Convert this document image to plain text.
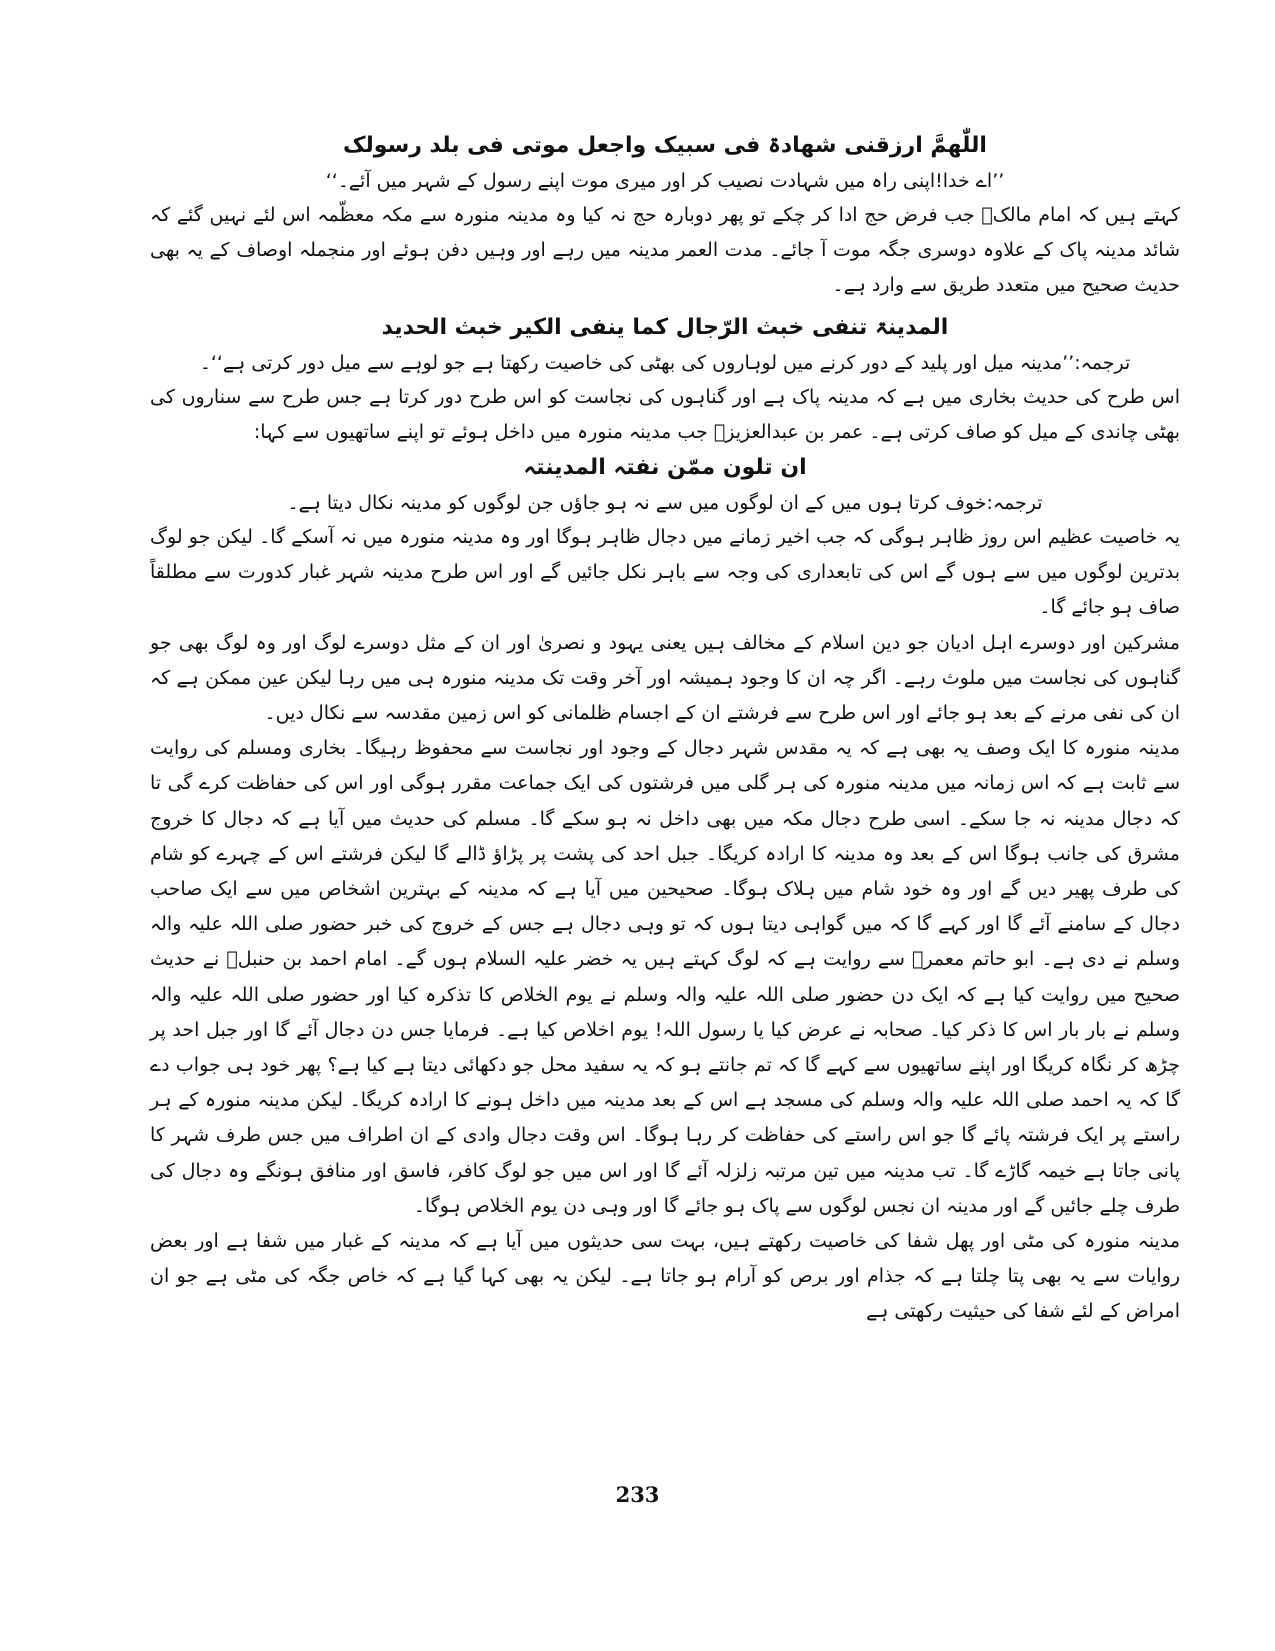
اللّٰھمَّ ارزقنی شھادۃ فی سبیک واجعل موتی فی بلد رسولک

’’اے خدا!اپنی راہ میں شہادت نصیب کر اور میری موت اپنے رسول کے شہر میں آئے۔‘‘

کہتے ہیں کہ امام مالکؒ جب فرض حج ادا کر چکے تو پھر دوبارہ حج نہ کیا وہ مدینہ منورہ سے مکہ معظّمہ اس لئے نہیں گئے کہ شائد مدینہ پاک کے علاوہ دوسری جگہ موت آ جائے۔ مدت العمر مدینہ میں رہے اور وہیں دفن ہوئے اور منجملہ اوصاف کے یہ بھی حدیث صحیح میں متعدد طریق سے وارد ہے۔

المدینۃ تنفی خبث الرّجال کما ینفی الکیر خبث الحدید

ترجمہ:’’مدینہ میل اور پلید کے دور کرنے میں لوہاروں کی بھٹی کی خاصیت رکھتا ہے جو لوہے سے میل دور کرتی ہے‘‘۔

اس طرح کی حدیث بخاری میں ہے کہ مدینہ پاک ہے اور گناہوں کی نجاست کو اس طرح دور کرتا ہے جس طرح سے سناروں کی بھٹی چاندی کے میل کو صاف کرتی ہے۔ عمر بن عبدالعزیزؒ جب مدینہ منورہ میں داخل ہوئے تو اپنے ساتھیوں سے کہا:

ان تلون ممّن نفتہ المدینتہ

ترجمہ:خوف کرتا ہوں میں کے ان لوگوں میں سے نہ ہو جاؤں جن لوگوں کو مدینہ نکال دیتا ہے۔

یہ خاصیت عظیم اس روز ظاہر ہوگی کہ جب اخیر زمانے میں دجال ظاہر ہوگا اور وہ مدینہ منورہ میں نہ آسکے گا۔ لیکن جو لوگ بدترین لوگوں میں سے ہوں گے اس کی تابعداری کی وجہ سے باہر نکل جائیں گے اور اس طرح مدینہ شہر غبار کدورت سے مطلقاً صاف ہو جائے گا۔

مشرکین اور دوسرے اہل ادیان جو دین اسلام کے مخالف ہیں یعنی یہود و نصریٰ اور ان کے مثل دوسرے لوگ اور وہ لوگ بھی جو گناہوں کی نجاست میں ملوث رہے۔ اگر چہ ان کا وجود ہمیشہ اور آخر وقت تک مدینہ منورہ ہی میں رہا لیکن عین ممکن ہے کہ ان کی نفی مرنے کے بعد ہو جائے اور اس طرح سے فرشتے ان کے اجسام ظلمانی کو اس زمین مقدسہ سے نکال دیں۔

مدینہ منورہ کا ایک وصف یہ بھی ہے کہ یہ مقدس شہر دجال کے وجود اور نجاست سے محفوظ رہیگا۔ بخاری ومسلم کی روایت سے ثابت ہے کہ اس زمانہ میں مدینہ منورہ کی ہر گلی میں فرشتوں کی ایک جماعت مقرر ہوگی اور اس کی حفاظت کرے گی تا کہ دجال مدینہ نہ جا سکے۔ اسی طرح دجال مکہ میں بھی داخل نہ ہو سکے گا۔ مسلم کی حدیث میں آیا ہے کہ دجال کا خروج مشرق کی جانب ہوگا اس کے بعد وہ مدینہ کا ارادہ کریگا۔ جبل احد کی پشت پر پڑاؤ ڈالے گا لیکن فرشتے اس کے چہرے کو شام کی طرف پھیر دیں گے اور وہ خود شام میں ہلاک ہوگا۔ صحیحین میں آیا ہے کہ مدینہ کے بہترین اشخاص میں سے ایک صاحب دجال کے سامنے آئے گا اور کہے گا کہ میں گواہی دیتا ہوں کہ تو وہی دجال ہے جس کے خروج کی خبر حضور صلی اللہ علیہ والہ وسلم نے دی ہے۔ ابو حاتم معمرؒ سے روایت ہے کہ لوگ کہتے ہیں یہ خضر علیہ السلام ہوں گے۔ امام احمد بن حنبلؒ نے حدیث صحیح میں روایت کیا ہے کہ ایک دن حضور صلی اللہ علیہ والہ وسلم نے یوم الخلاص کا تذکرہ کیا اور حضور صلی اللہ علیہ والہ وسلم نے بار بار اس کا ذکر کیا۔ صحابہ نے عرض کیا یا رسول اللہ! یوم اخلاص کیا ہے۔ فرمایا جس دن دجال آئے گا اور جبل احد پر چڑھ کر نگاہ کریگا اور اپنے ساتھیوں سے کہے گا کہ تم جانتے ہو کہ یہ سفید محل جو دکھائی دیتا ہے کیا ہے؟ پھر خود ہی جواب دے گا کہ یہ احمد صلی اللہ علیہ والہ وسلم کی مسجد ہے اس کے بعد مدینہ میں داخل ہونے کا ارادہ کریگا۔ لیکن مدینہ منورہ کے ہر راستے پر ایک فرشتہ پائے گا جو اس راستے کی حفاظت کر رہا ہوگا۔ اس وقت دجال وادی کے ان اطراف میں جس طرف شہر کا پانی جاتا ہے خیمہ گاڑے گا۔ تب مدینہ میں تین مرتبہ زلزلہ آئے گا اور اس میں جو لوگ کافر، فاسق اور منافق ہونگے وہ دجال کی طرف چلے جائیں گے اور مدینہ ان نجس لوگوں سے پاک ہو جائے گا اور وہی دن یوم الخلاص ہوگا۔

مدینہ منورہ کی مٹی اور پھل شفا کی خاصیت رکھتے ہیں، بہت سی حدیثوں میں آیا ہے کہ مدینہ کے غبار میں شفا ہے اور بعض روایات سے یہ بھی پتا چلتا ہے کہ جذام اور برص کو آرام ہو جاتا ہے۔ لیکن یہ بھی کہا گیا ہے کہ خاص جگہ کی مٹی ہے جو ان امراض کے لئے شفا کی حیثیت رکھتی ہے

233
